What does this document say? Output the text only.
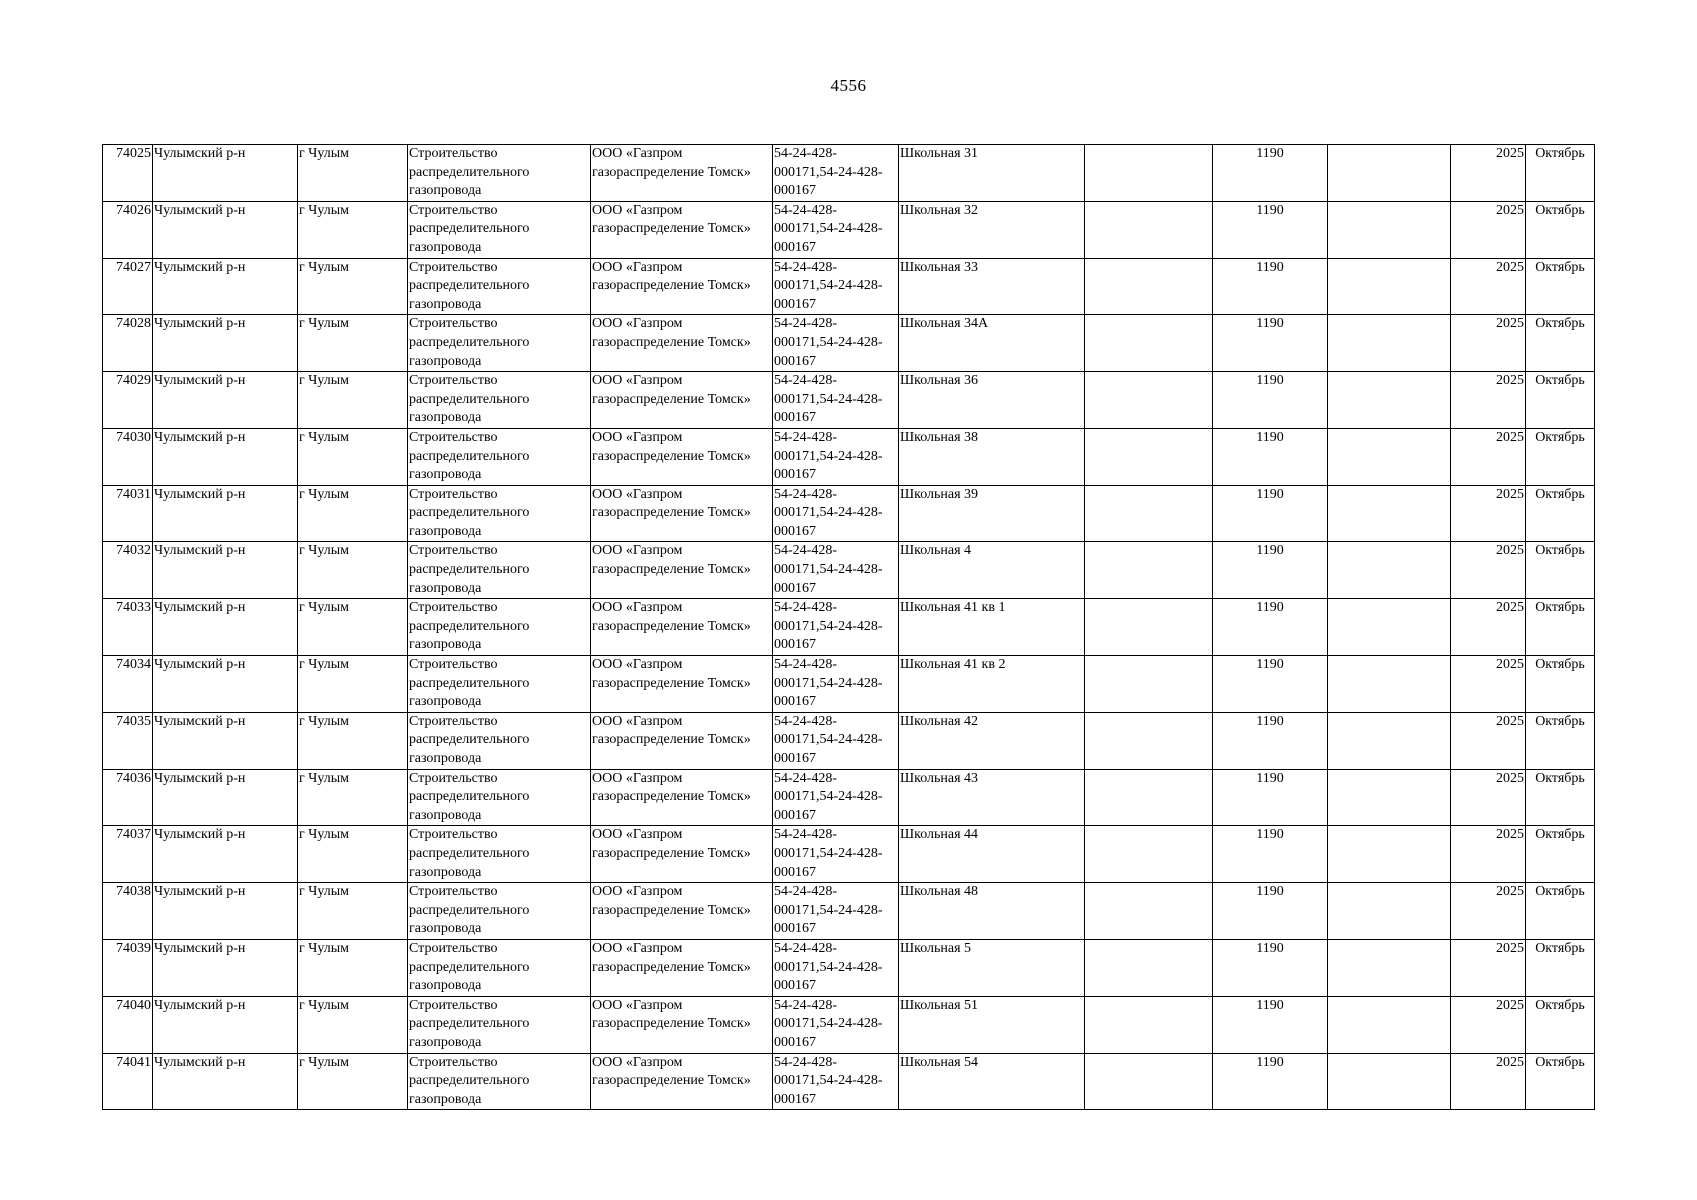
4556
74025	Чулымский р-н	г Чулым	Строительство распределительного газопровода	ООО «Газпром газораспределение Томск»	54-24-428-000171,54-24-428-000167	Школьная 31		1190		2025	Октябрь
74026	Чулымский р-н	г Чулым	Строительство распределительного газопровода	ООО «Газпром газораспределение Томск»	54-24-428-000171,54-24-428-000167	Школьная 32		1190		2025	Октябрь
74027	Чулымский р-н	г Чулым	Строительство распределительного газопровода	ООО «Газпром газораспределение Томск»	54-24-428-000171,54-24-428-000167	Школьная 33		1190		2025	Октябрь
74028	Чулымский р-н	г Чулым	Строительство распределительного газопровода	ООО «Газпром газораспределение Томск»	54-24-428-000171,54-24-428-000167	Школьная 34А		1190		2025	Октябрь
74029	Чулымский р-н	г Чулым	Строительство распределительного газопровода	ООО «Газпром газораспределение Томск»	54-24-428-000171,54-24-428-000167	Школьная 36		1190		2025	Октябрь
74030	Чулымский р-н	г Чулым	Строительство распределительного газопровода	ООО «Газпром газораспределение Томск»	54-24-428-000171,54-24-428-000167	Школьная 38		1190		2025	Октябрь
74031	Чулымский р-н	г Чулым	Строительство распределительного газопровода	ООО «Газпром газораспределение Томск»	54-24-428-000171,54-24-428-000167	Школьная 39		1190		2025	Октябрь
74032	Чулымский р-н	г Чулым	Строительство распределительного газопровода	ООО «Газпром газораспределение Томск»	54-24-428-000171,54-24-428-000167	Школьная 4		1190		2025	Октябрь
74033	Чулымский р-н	г Чулым	Строительство распределительного газопровода	ООО «Газпром газораспределение Томск»	54-24-428-000171,54-24-428-000167	Школьная 41 кв 1		1190		2025	Октябрь
74034	Чулымский р-н	г Чулым	Строительство распределительного газопровода	ООО «Газпром газораспределение Томск»	54-24-428-000171,54-24-428-000167	Школьная 41 кв 2		1190		2025	Октябрь
74035	Чулымский р-н	г Чулым	Строительство распределительного газопровода	ООО «Газпром газораспределение Томск»	54-24-428-000171,54-24-428-000167	Школьная 42		1190		2025	Октябрь
74036	Чулымский р-н	г Чулым	Строительство распределительного газопровода	ООО «Газпром газораспределение Томск»	54-24-428-000171,54-24-428-000167	Школьная 43		1190		2025	Октябрь
74037	Чулымский р-н	г Чулым	Строительство распределительного газопровода	ООО «Газпром газораспределение Томск»	54-24-428-000171,54-24-428-000167	Школьная 44		1190		2025	Октябрь
74038	Чулымский р-н	г Чулым	Строительство распределительного газопровода	ООО «Газпром газораспределение Томск»	54-24-428-000171,54-24-428-000167	Школьная 48		1190		2025	Октябрь
74039	Чулымский р-н	г Чулым	Строительство распределительного газопровода	ООО «Газпром газораспределение Томск»	54-24-428-000171,54-24-428-000167	Школьная 5		1190		2025	Октябрь
74040	Чулымский р-н	г Чулым	Строительство распределительного газопровода	ООО «Газпром газораспределение Томск»	54-24-428-000171,54-24-428-000167	Школьная 51		1190		2025	Октябрь
74041	Чулымский р-н	г Чулым	Строительство распределительного газопровода	ООО «Газпром газораспределение Томск»	54-24-428-000171,54-24-428-000167	Школьная 54		1190		2025	Октябрь
